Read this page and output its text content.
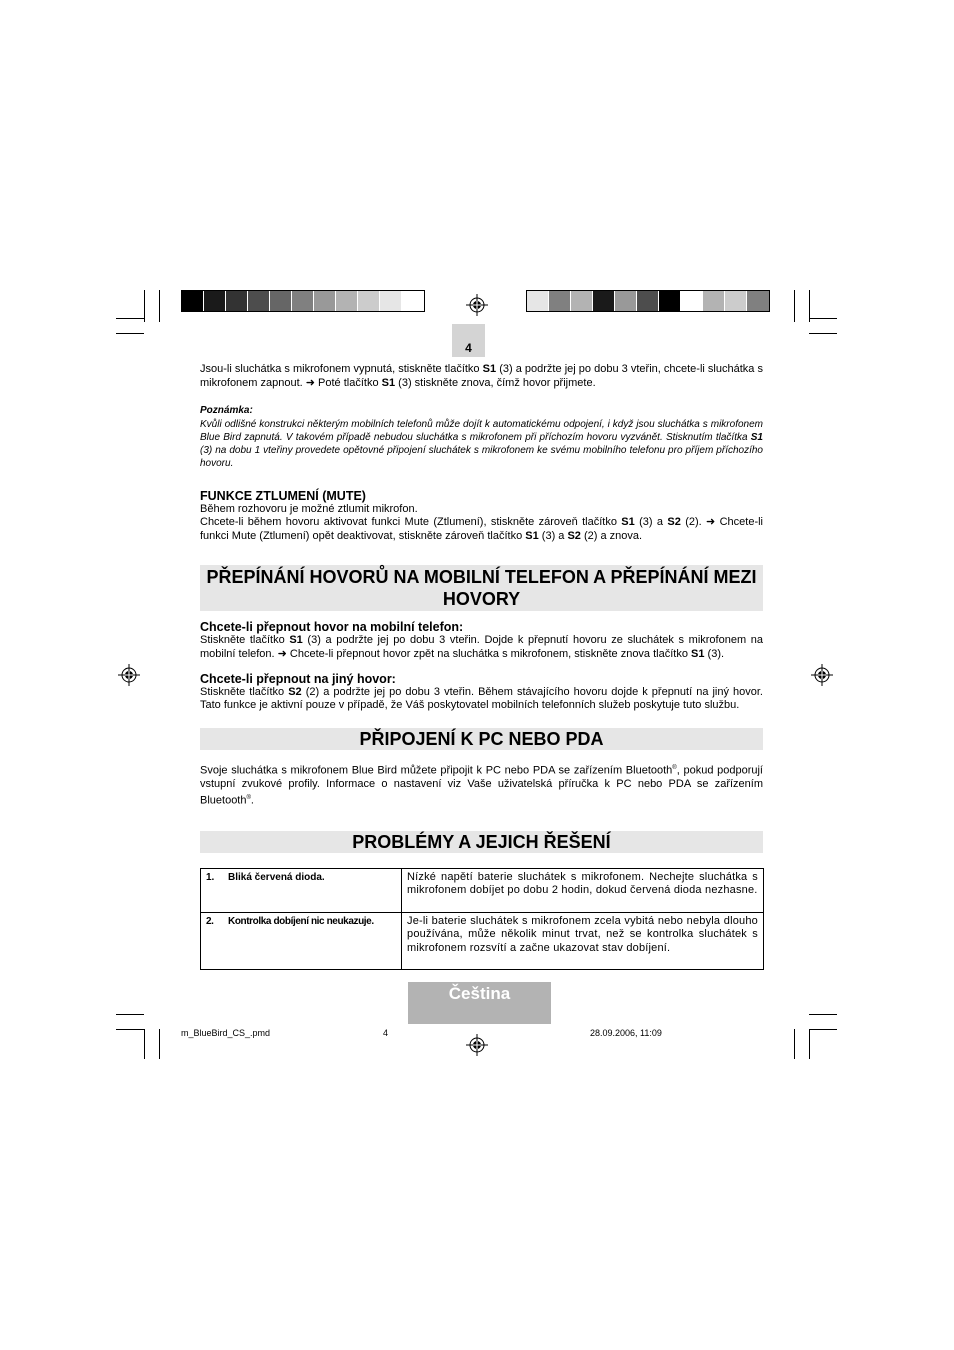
4

Jsou-li sluchátka s mikrofonem vypnutá, stiskněte tlačítko S1 (3) a podržte jej po dobu 3 vteřin, chcete-li sluchátka s mikrofonem zapnout. ➜ Poté tlačítko S1 (3) stiskněte znova, čímž hovor přijmete.

Poznámka:

Kvůli odlišné konstrukci některým mobilních telefonů může dojít k automatickému odpojení, i když jsou sluchátka s mikrofonem Blue Bird zapnutá. V takovém případě nebudou sluchátka s mikrofonem při příchozím hovoru vyzvánět. Stisknutím tlačítka S1 (3) na dobu 1 vteřiny provedete opětovné připojení sluchátek s mikrofonem ke svému mobilního telefonu pro příjem příchozího hovoru.

FUNKCE ZTLUMENÍ (MUTE)

Během rozhovoru je možné ztlumit mikrofon.

Chcete-li během hovoru aktivovat funkci Mute (Ztlumení), stiskněte zároveň tlačítko S1 (3) a S2 (2). ➜ Chcete-li funkci Mute (Ztlumení) opět deaktivovat, stiskněte zároveň tlačítko S1 (3) a S2 (2) a znova.

PŘEPÍNÁNÍ HOVORŮ NA MOBILNÍ TELEFON A PŘEPÍNÁNÍ MEZI HOVORY

Chcete-li přepnout hovor na mobilní telefon:

Stiskněte tlačítko S1 (3) a podržte jej po dobu 3 vteřin. Dojde k přepnutí hovoru ze sluchátek s mikrofonem na mobilní telefon. ➜ Chcete-li přepnout hovor zpět na sluchátka s mikrofonem, stiskněte znova tlačítko S1 (3).

Chcete-li přepnout na jiný hovor:

Stiskněte tlačítko S2 (2) a podržte jej po dobu 3 vteřin. Během stávajícího hovoru dojde k přepnutí na jiný hovor. Tato funkce je aktivní pouze v případě, že Váš poskytovatel mobilních telefonních služeb poskytuje tuto službu.

PŘIPOJENÍ K PC NEBO PDA

Svoje sluchátka s mikrofonem Blue Bird můžete připojit k PC nebo PDA se zařízením Bluetooth®, pokud podporují vstupní zvukové profily. Informace o nastavení viz Vaše uživatelská příručka k PC nebo PDA se zařízením Bluetooth®.

PROBLÉMY A JEJICH ŘEŠENÍ
1. Bliká červená dioda.	Nízké napětí baterie sluchátek s mikrofonem. Nechejte sluchátka s mikrofonem dobíjet po dobu 2 hodin, dokud červená dioda nezhasne.
2. Kontrolka dobíjení nic neukazuje.	Je-li baterie sluchátek s mikrofonem zcela vybitá nebo nebyla dlouho používána, může několik minut trvat, než se kontrolka sluchátek s mikrofonem rozsvítí a začne ukazovat stav dobíjení.
Čeština
m_BlueBird_CS_.pmd	4	28.09.2006, 11:09
